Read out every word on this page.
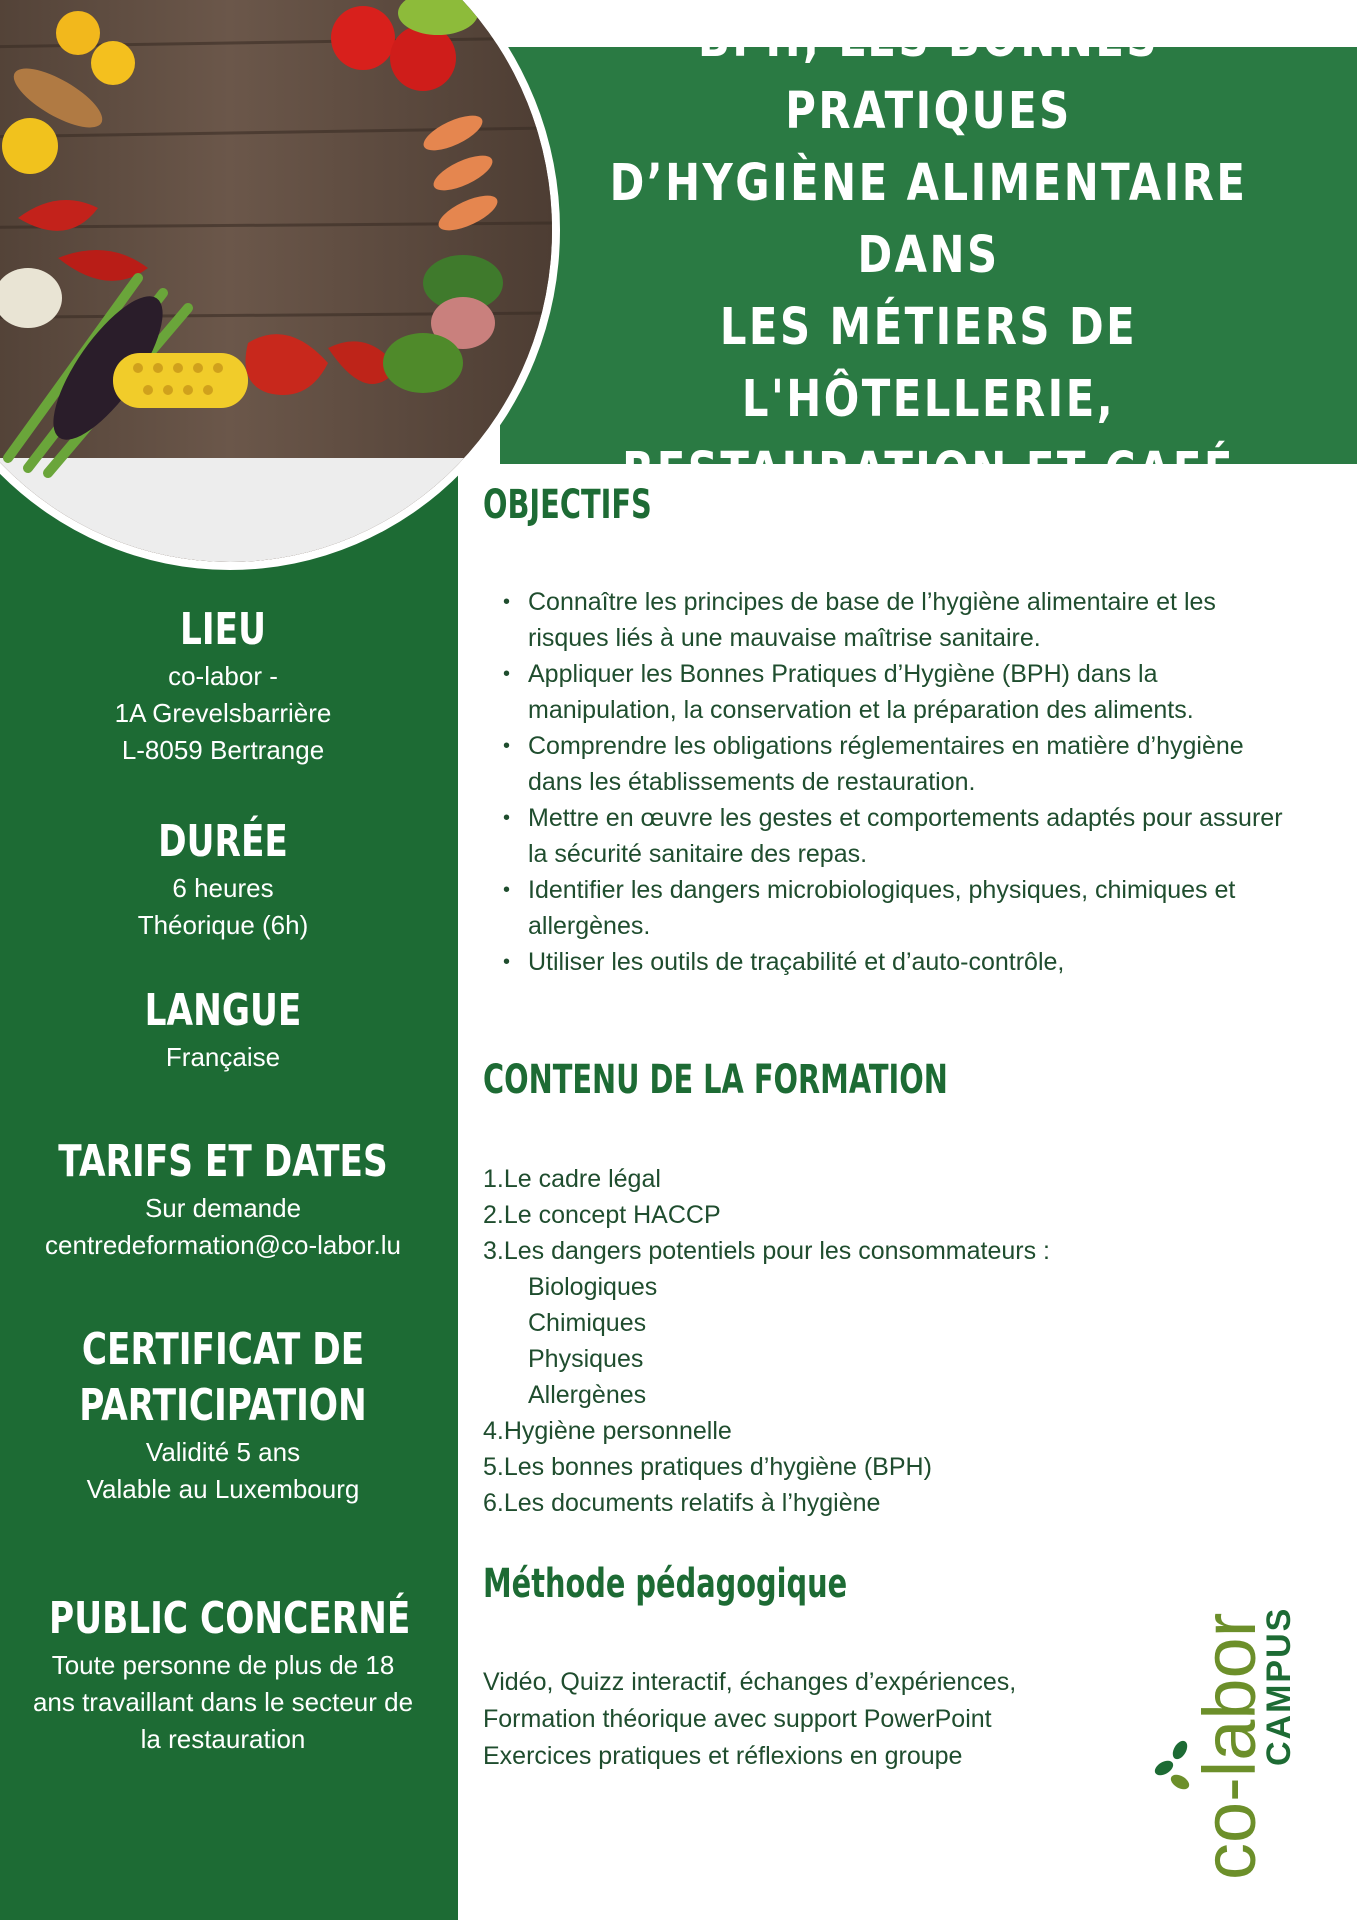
BPH, LES BONNES PRATIQUES
D’HYGIÈNE ALIMENTAIRE DANS
LES MÉTIERS DE L'HÔTELLERIE,
RESTAURATION ET CAFÉ
LIEU

co-labor -

1A Grevelsbarrière

L-8059 Bertrange

DURÉE

6 heures

Théorique (6h)

LANGUE

Française

TARIFS ET DATES

Sur demande

centredeformation@co-labor.lu

CERTIFICAT DE
PARTICIPATION

Validité 5 ans

Valable au Luxembourg

PUBLIC CONCERNÉ

Toute personne de plus de 18

ans travaillant dans le secteur de

la restauration

OBJECTIFS
• Connaître les principes de base de l’hygiène alimentaire et les
risques liés à une mauvaise maîtrise sanitaire.
• Appliquer les Bonnes Pratiques d’Hygiène (BPH) dans la
manipulation, la conservation et la préparation des aliments.
• Comprendre les obligations réglementaires en matière d’hygiène
dans les établissements de restauration.
• Mettre en œuvre les gestes et comportements adaptés pour assurer
la sécurité sanitaire des repas.
• Identifier les dangers microbiologiques, physiques, chimiques et
allergènes.
• Utiliser les outils de traçabilité et d’auto-contrôle,
CONTENU DE LA FORMATION
1.Le cadre légal
2.Le concept HACCP
3.Les dangers potentiels pour les consommateurs :
Biologiques
Chimiques
Physiques
Allergènes
4.Hygiène personnelle
5.Les bonnes pratiques d’hygiène (BPH)
6.Les documents relatifs à l’hygiène
Méthode pédagogique

Vidéo, Quizz interactif, échanges d’expériences,

Formation théorique avec support PowerPoint

Exercices pratiques et réflexions en groupe	co-labor
CAMPUS
